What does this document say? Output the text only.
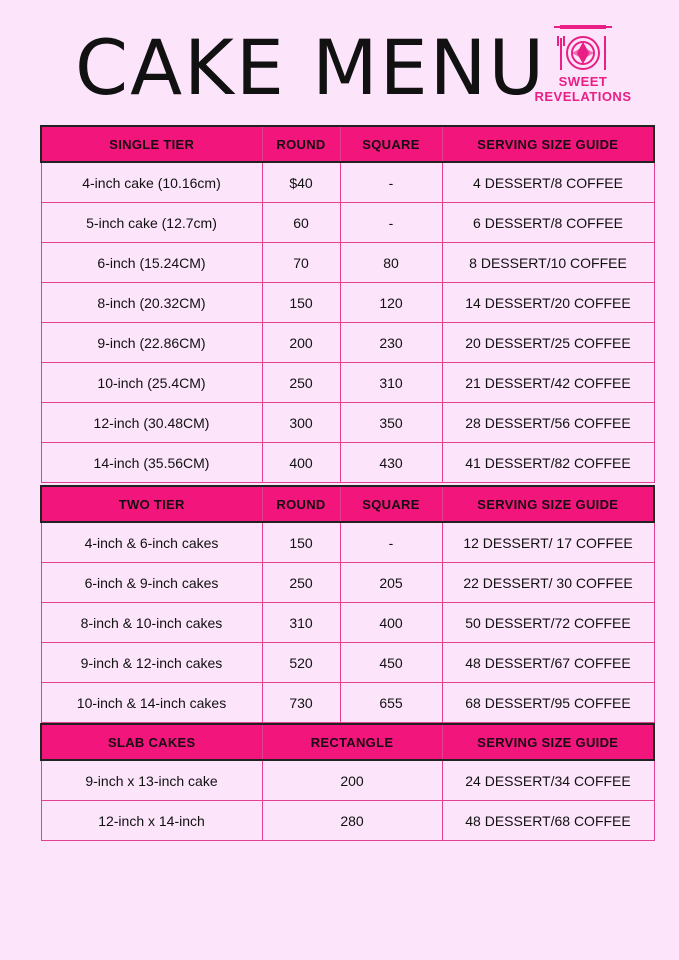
CAKE MENU SWEET
REVELATIONS
SINGLE TIER	ROUND	SQUARE	SERVING SIZE GUIDE
4-inch cake (10.16cm)	$40	-	4 DESSERT/8 COFFEE
5-inch cake (12.7cm)	60	-	6 DESSERT/8 COFFEE
6-inch (15.24CM)	70	80	8 DESSERT/10 COFFEE
8-inch (20.32CM)	150	120	14 DESSERT/20 COFFEE
9-inch (22.86CM)	200	230	20 DESSERT/25 COFFEE
10-inch (25.4CM)	250	310	21 DESSERT/42 COFFEE
12-inch (30.48CM)	300	350	28 DESSERT/56 COFFEE
14-inch (35.56CM)	400	430	41 DESSERT/82 COFFEE
TWO TIER	ROUND	SQUARE	SERVING SIZE GUIDE
4-inch & 6-inch cakes	150	-	12 DESSERT/ 17 COFFEE
6-inch & 9-inch cakes	250	205	22 DESSERT/ 30 COFFEE
8-inch & 10-inch cakes	310	400	50 DESSERT/72 COFFEE
9-inch & 12-inch cakes	520	450	48 DESSERT/67 COFFEE
10-inch & 14-inch cakes	730	655	68 DESSERT/95 COFFEE
SLAB CAKES	RECTANGLE	SERVING SIZE GUIDE
9-inch x 13-inch cake	200	24 DESSERT/34 COFFEE
12-inch x 14-inch	280	48 DESSERT/68 COFFEE
